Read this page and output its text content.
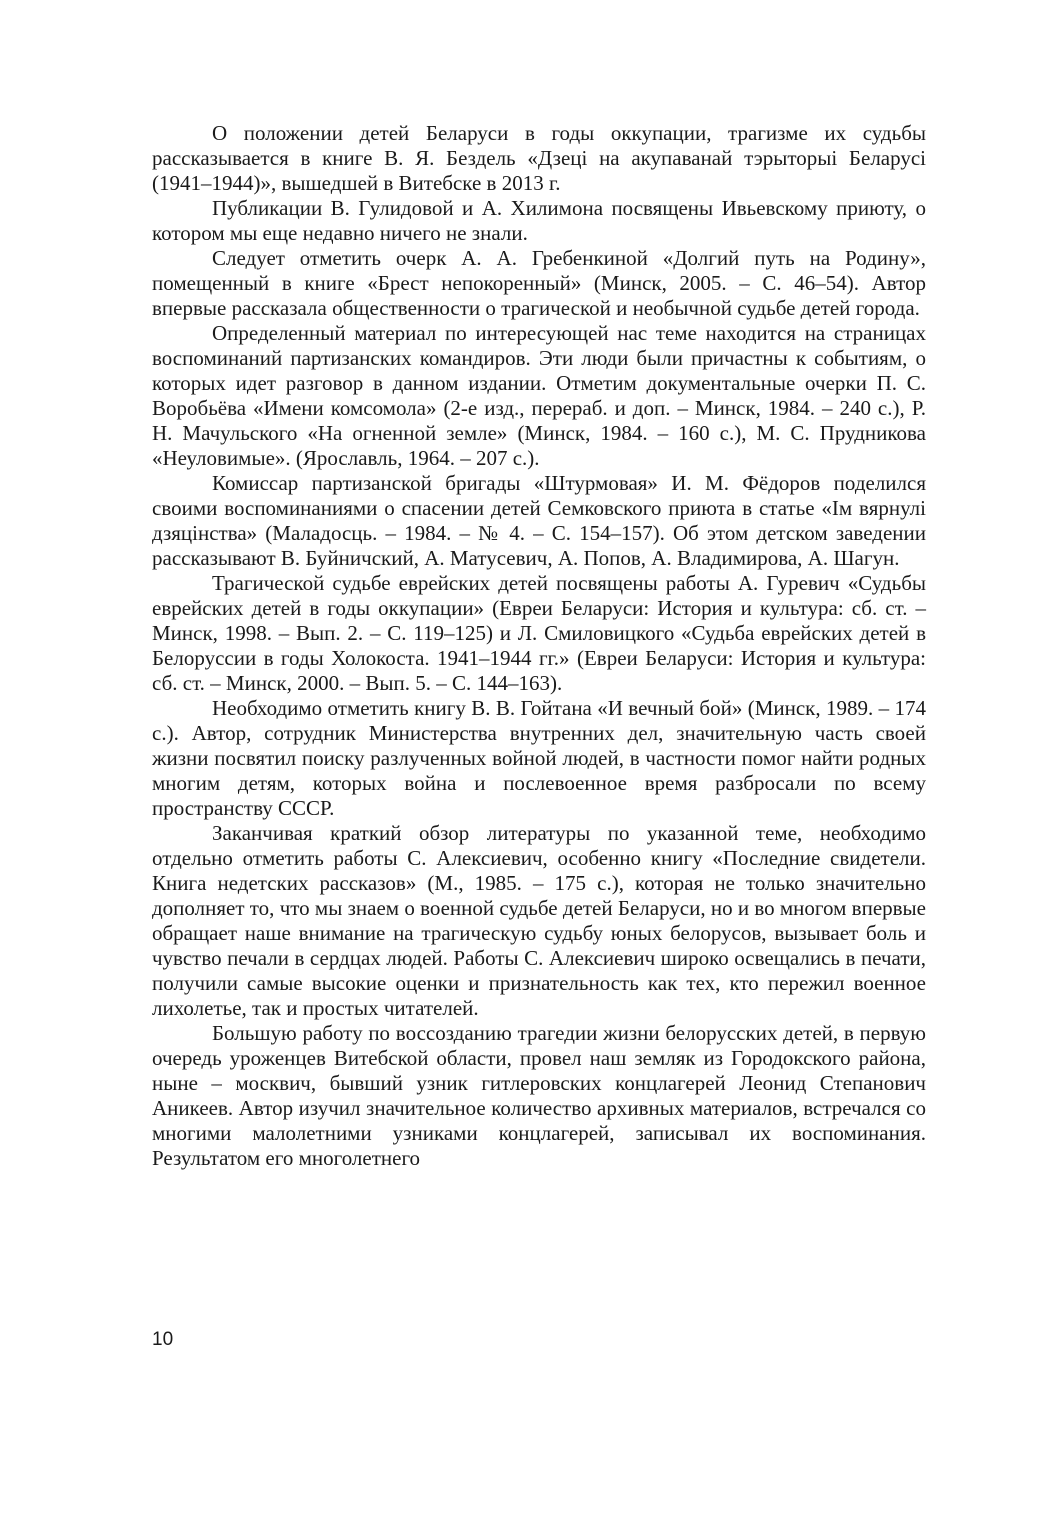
О положении детей Беларуси в годы оккупации, трагизме их судьбы рассказывается в книге В. Я. Бездель «Дзеці на акупаванай тэрыторыі Беларусі (1941–1944)», вышедшей в Витебске в 2013 г.

Публикации В. Гулидовой и А. Хилимона посвящены Ивьевскому приюту, о котором мы еще недавно ничего не знали.

Следует отметить очерк А. А. Гребенкиной «Долгий путь на Родину», помещенный в книге «Брест непокоренный» (Минск, 2005. – С. 46–54). Автор впервые рассказала общественности о трагической и необычной судьбе детей города.

Определенный материал по интересующей нас теме находится на страницах воспоминаний партизанских командиров. Эти люди были причастны к событиям, о которых идет разговор в данном издании. Отметим документальные очерки П. С. Воробьёва «Имени комсомола» (2-е изд., перераб. и доп. – Минск, 1984. – 240 с.), Р. Н. Мачульского «На огненной земле» (Минск, 1984. – 160 с.), М. С. Прудникова «Неуловимые». (Ярославль, 1964. – 207 с.).

Комиссар партизанской бригады «Штурмовая» И. М. Фёдоров поделился своими воспоминаниями о спасении детей Семковского приюта в статье «Ім вярнулі дзяцінства» (Маладосць. – 1984. – № 4. – С. 154–157). Об этом детском заведении рассказывают В. Буйничский, А. Матусевич, А. Попов, А. Владимирова, А. Шагун.

Трагической судьбе еврейских детей посвящены работы А. Гуревич «Судьбы еврейских детей в годы оккупации» (Евреи Беларуси: История и культура: сб. ст. – Минск, 1998. – Вып. 2. – С. 119–125) и Л. Смиловицкого «Судьба еврейских детей в Белоруссии в годы Холокоста. 1941–1944 гг.» (Евреи Беларуси: История и культура: сб. ст. – Минск, 2000. – Вып. 5. – С. 144–163).

Необходимо отметить книгу В. В. Гойтана «И вечный бой» (Минск, 1989. – 174 с.). Автор, сотрудник Министерства внутренних дел, значительную часть своей жизни посвятил поиску разлученных войной людей, в частности помог найти родных многим детям, которых война и послевоенное время разбросали по всему пространству СССР.

Заканчивая краткий обзор литературы по указанной теме, необходимо отдельно отметить работы С. Алексиевич, особенно книгу «Последние свидетели. Книга недетских рассказов» (М., 1985. – 175 с.), которая не только значительно дополняет то, что мы знаем о военной судьбе детей Беларуси, но и во многом впервые обращает наше внимание на трагическую судьбу юных белорусов, вызывает боль и чувство печали в сердцах людей. Работы С. Алексиевич широко освещались в печати, получили самые высокие оценки и признательность как тех, кто пережил военное лихолетье, так и простых читателей.

Большую работу по воссозданию трагедии жизни белорусских детей, в первую очередь уроженцев Витебской области, провел наш земляк из Городокского района, ныне – москвич, бывший узник гитлеровских концлагерей Леонид Степанович Аникеев. Автор изучил значительное количество архивных материалов, встречался со многими малолетними узниками концлагерей, записывал их воспоминания. Результатом его многолетнего

10
